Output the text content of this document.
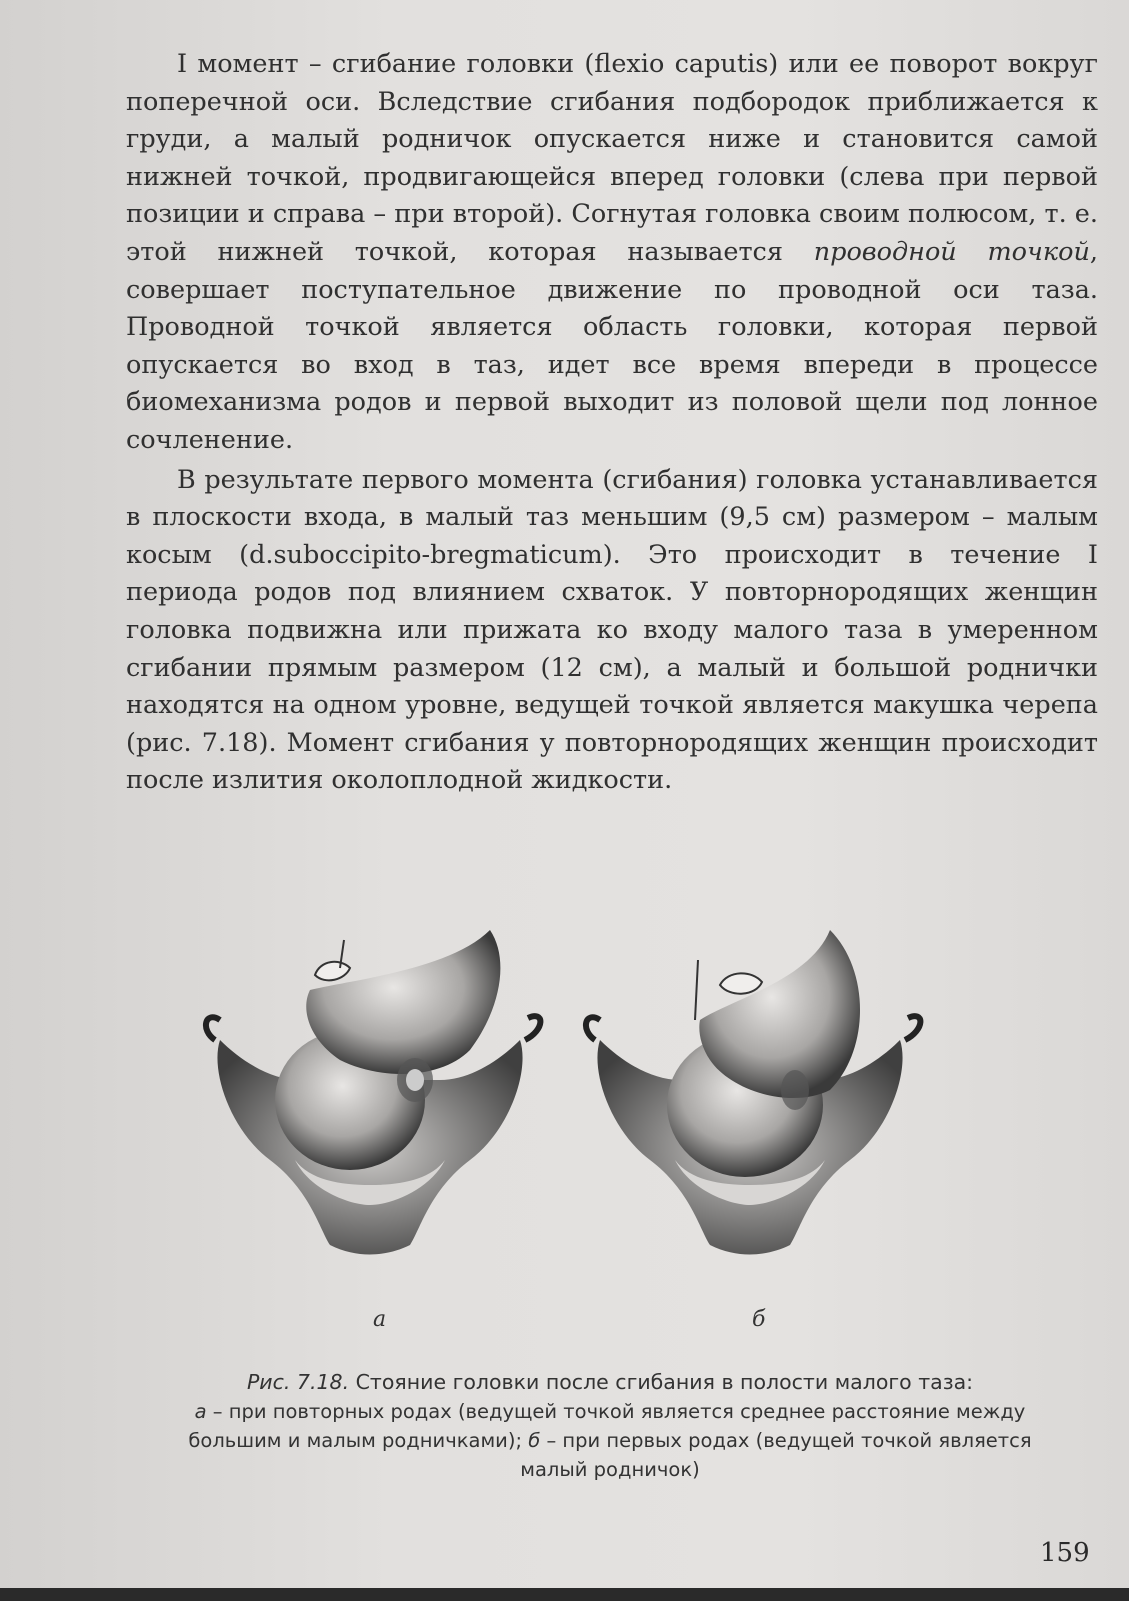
I момент – сгибание головки (flexio caputis) или ее поворот вокруг поперечной оси. Вследствие сгибания подбородок приближается к груди, а малый родничок опускается ниже и становится самой нижней точкой, продвигающейся вперед головки (слева при первой позиции и справа – при второй). Согнутая головка своим полюсом, т. е. этой нижней точкой, которая называется проводной точкой, совершает поступательное движение по проводной оси таза. Проводной точкой является область головки, которая первой опускается во вход в таз, идет все время впереди в процессе биомеханизма родов и первой выходит из половой щели под лонное сочленение.

В результате первого момента (сгибания) головка устанавливается в плоскости входа, в малый таз меньшим (9,5 см) размером – малым косым (d.suboccipito-bregmaticum). Это происходит в течение I периода родов под влиянием схваток. У повторнородящих женщин головка подвижна или прижата ко входу малого таза в умеренном сгибании прямым размером (12 см), а малый и большой роднички находятся на одном уровне, ведущей точкой является макушка черепа (рис. 7.18). Момент сгибания у повторнородящих женщин происходит после излития околоплодной жидкости.

а	б
Рис. 7.18. Стояние головки после сгибания в полости малого таза:
а – при повторных родах (ведущей точкой является среднее расстояние между большим и малым родничками); б – при первых родах (ведущей точкой является малый родничок)
159
